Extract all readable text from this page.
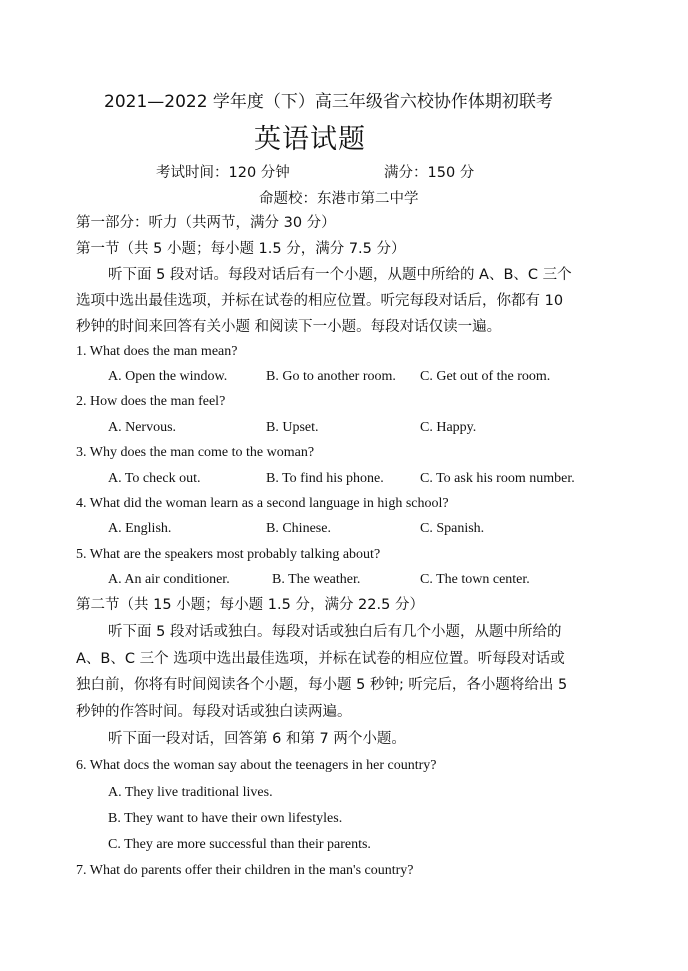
2021—2022 学年度（下）高三年级省六校协作体期初联考
英语试题
考试时间：120 分钟	满分：150 分
命题校：东港市第二中学
第一部分：听力（共两节，满分 30 分）
第一节（共 5 小题；每小题 1.5 分，满分 7.5 分）
听下面 5 段对话。每段对话后有一个小题，从题中所给的 A、B、C 三个
选项中选出最佳选项，并标在试卷的相应位置。听完每段对话后，你都有 10
秒钟的时间来回答有关小题 和阅读下一小题。每段对话仅读一遍。
1. What does the man mean?
A. Open the window.	B. Go to another room. C. Get out of the room.
2. How does the man feel?
A. Nervous.	B. Upset.	C. Happy.
3. Why does the man come to the woman?
A. To check out.	B. To find his phone.	C. To ask his room number.
4. What did the woman learn as a second language in high school?
A. English.	B. Chinese.	C. Spanish.
5. What are the speakers most probably talking about?
A. An air conditioner.	B. The weather.	C. The town center.
第二节（共 15 小题；每小题 1.5 分，满分 22.5 分）
听下面 5 段对话或独白。每段对话或独白后有几个小题，从题中所给的
A、B、C 三个 选项中选出最佳选项，并标在试卷的相应位置。听每段对话或
独白前，你将有时间阅读各个小题，每小题 5 秒钟; 听完后，各小题将给出 5
秒钟的作答时间。每段对话或独白读两遍。
听下面一段对话，回答第 6 和第 7 两个小题。
6. What docs the woman say about the teenagers in her country?
A. They live traditional lives.
B. They want to have their own lifestyles.
C. They are more successful than their parents.
7. What do parents offer their children in the man's country?
